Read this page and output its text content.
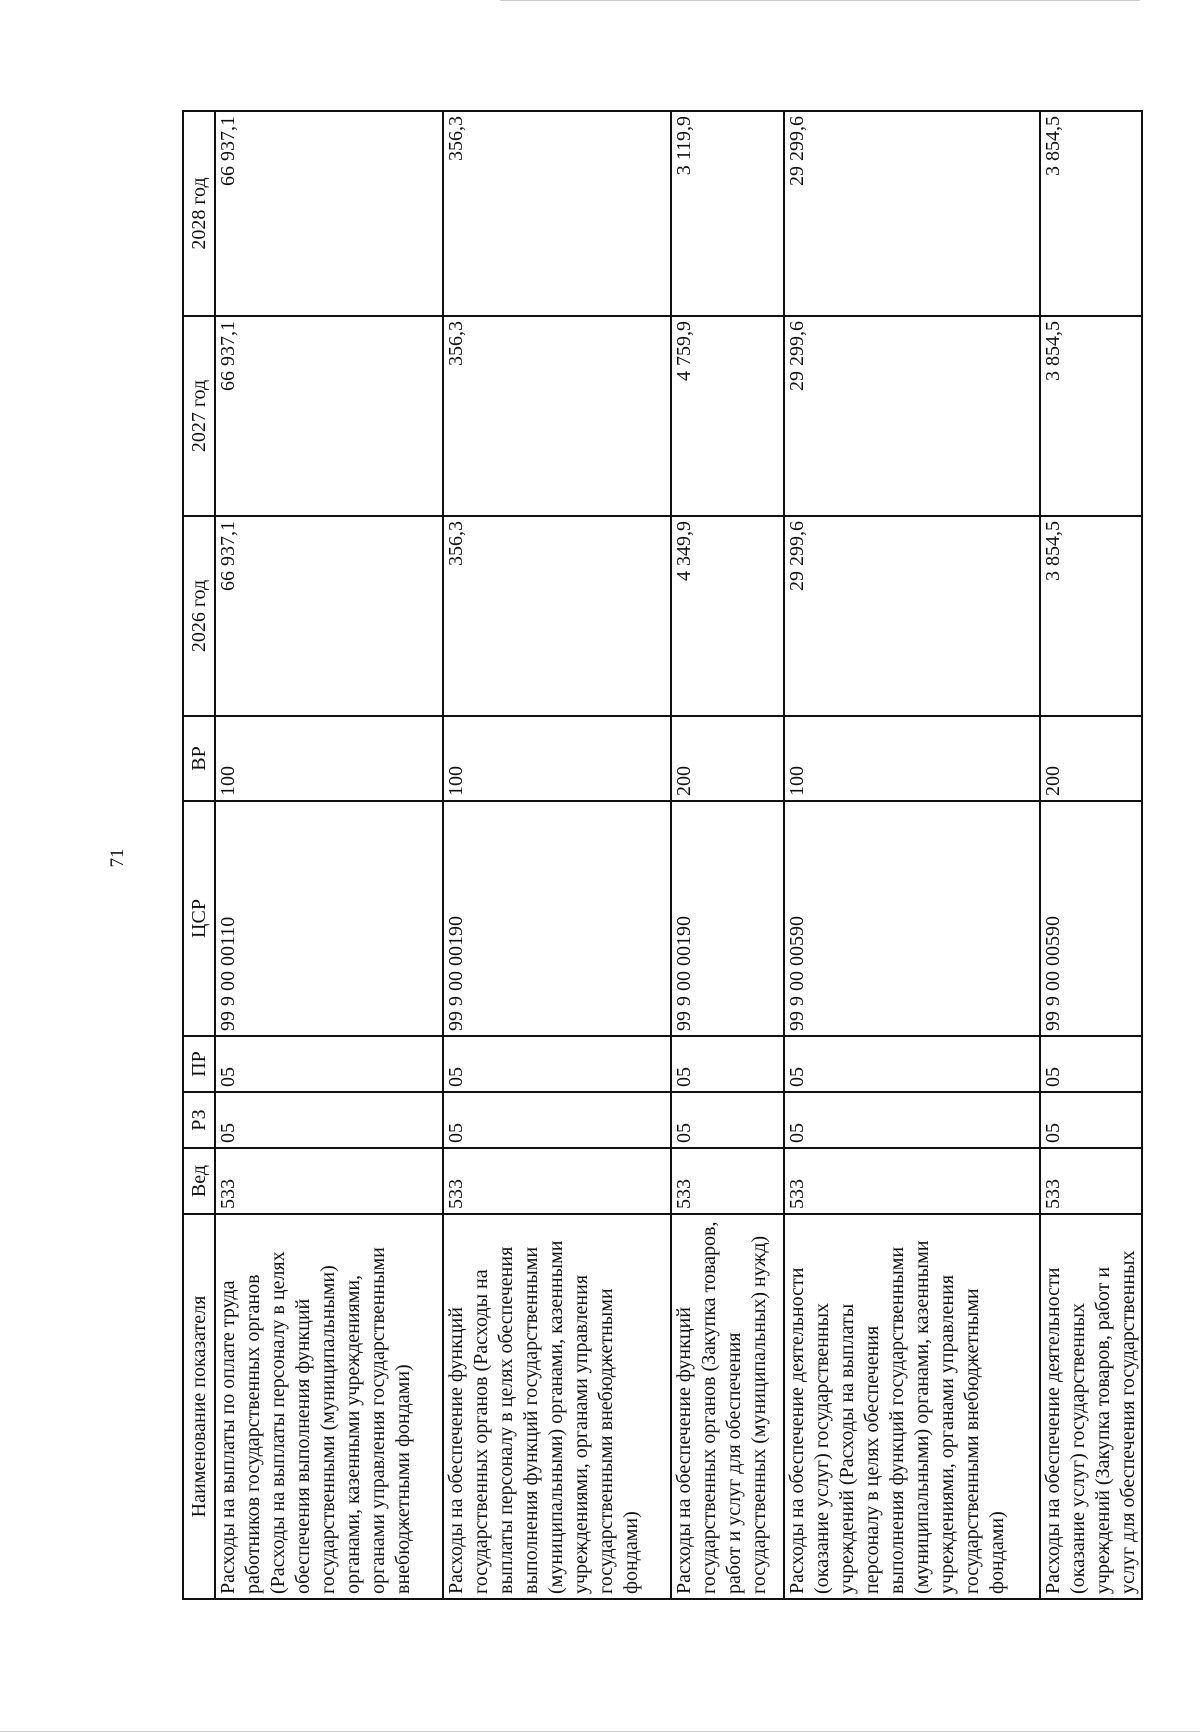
71
Наименование показателя	Вед	РЗ	ПР	ЦСР	ВР	2026 год	2027 год	2028 год
Расходы на выплаты по оплате труда работников государственных органов (Расходы на выплаты персоналу в целях обеспечения выполнения функций государственными (муниципальными) органами, казенными учреждениями, органами управления государственными внебюджетными фондами)	533	05	05	99 9 00 00110	100	66 937,1	66 937,1	66 937,1
Расходы на обеспечение функций государственных органов (Расходы на выплаты персоналу в целях обеспечения выполнения функций государственными (муниципальными) органами, казенными учреждениями, органами управления государственными внебюджетными фондами)	533	05	05	99 9 00 00190	100	356,3	356,3	356,3
Расходы на обеспечение функций государственных органов (Закупка товаров, работ и услуг для обеспечения государственных (муниципальных) нужд)	533	05	05	99 9 00 00190	200	4 349,9	4 759,9	3 119,9
Расходы на обеспечение деятельности (оказание услуг) государственных учреждений (Расходы на выплаты персоналу в целях обеспечения выполнения функций государственными (муниципальными) органами, казенными учреждениями, органами управления государственными внебюджетными фондами)	533	05	05	99 9 00 00590	100	29 299,6	29 299,6	29 299,6
Расходы на обеспечение деятельности (оказание услуг) государственных учреждений (Закупка товаров, работ и услуг для обеспечения государственных	533	05	05	99 9 00 00590	200	3 854,5	3 854,5	3 854,5
